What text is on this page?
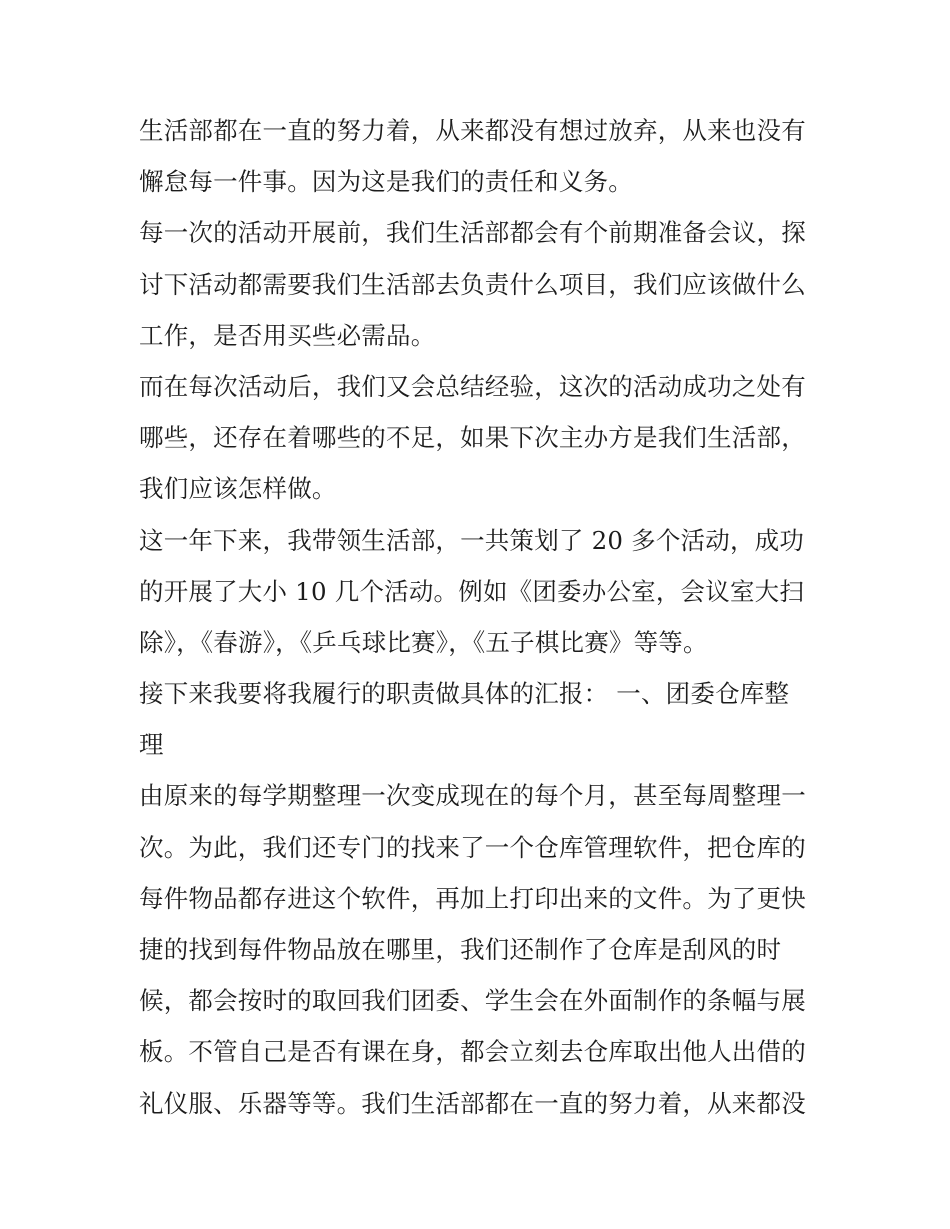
生活部都在一直的努力着，从来都没有想过放弃，从来也没有
懈怠每一件事。因为这是我们的责任和义务。
每一次的活动开展前，我们生活部都会有个前期准备会议，探
讨下活动都需要我们生活部去负责什么项目，我们应该做什么
工作，是否用买些必需品。
而在每次活动后，我们又会总结经验，这次的活动成功之处有
哪些，还存在着哪些的不足，如果下次主办方是我们生活部，
我们应该怎样做。
这一年下来，我带领生活部，一共策划了 20 多个活动，成功
的开展了大小 10 几个活动。例如《团委办公室，会议室大扫
除》，《春游》，《乒乓球比赛》，《五子棋比赛》等等。
接下来我要将我履行的职责做具体的汇报： 一、团委仓库整
理
由原来的每学期整理一次变成现在的每个月，甚至每周整理一
次。为此，我们还专门的找来了一个仓库管理软件，把仓库的
每件物品都存进这个软件，再加上打印出来的文件。为了更快
捷的找到每件物品放在哪里，我们还制作了仓库是刮风的时
候，都会按时的取回我们团委、学生会在外面制作的条幅与展
板。不管自己是否有课在身，都会立刻去仓库取出他人出借的
礼仪服、乐器等等。我们生活部都在一直的努力着，从来都没
